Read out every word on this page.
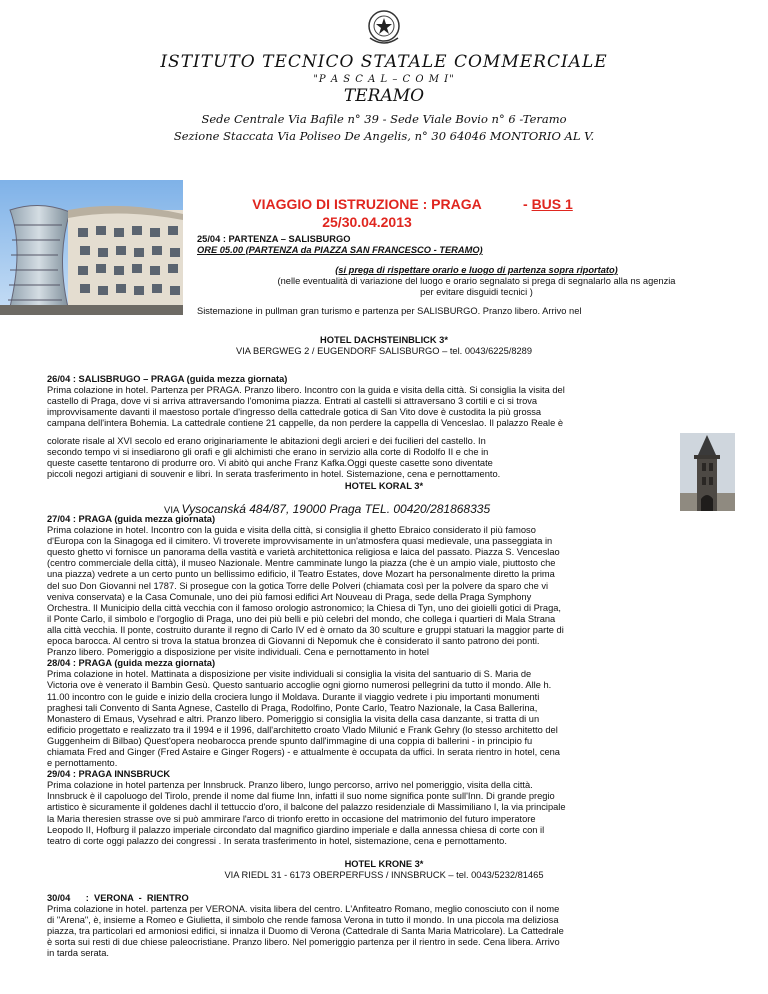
ISTITUTO TECNICO STATALE COMMERCIALE
"P A S C A L – C O M I"
TERAMO
Sede Centrale Via Bafile n° 39 - Sede Viale Bovio n° 6 -Teramo
Sezione Staccata Via Poliseo De Angelis, n° 30 64046 MONTORIO AL V.
VIAGGIO DI ISTRUZIONE : PRAGA
25/30.04.2013
- BUS 1
25/04 : PARTENZA – SALISBURGO
ORE 05.00 (PARTENZA da PIAZZA SAN FRANCESCO - TERAMO)
(si prega di rispettare orario e luogo di partenza sopra riportato)
(nelle eventualità di variazione del luogo e orario segnalato si prega di segnalarlo alla ns agenzia
per evitare disguidi tecnici )
Sistemazione in pullman gran turismo e partenza per SALISBURGO. Pranzo libero. Arrivo nel
HOTEL DACHSTEINBLICK 3*
VIA BERGWEG 2 / EUGENDORF SALISBURGO – tel. 0043/6225/8289
26/04 : SALISBRUGO – PRAGA (guida mezza giornata)
Prima colazione in hotel. Partenza per PRAGA. Pranzo libero. Incontro con la guida e visita della città. Si consiglia la visita del
castello di Praga, dove vi si arriva attraversando l'omonima piazza. Entrati al castelli si attraversano 3 cortili e ci si trova
improvvisamente davanti il maestoso portale d'ingresso della cattedrale gotica di San Vito dove è custodita la più grossa
campana dell'intera Bohemia. La cattedrale contiene 21 cappelle, da non perdere la cappella di Venceslao. Il palazzo Reale è
colorate risale al XVI secolo ed erano originariamente le abitazioni degli arcieri e dei fucilieri del castello. In
secondo tempo vi si insediarono gli orafi e gli alchimisti che erano in servizio alla corte di Rodolfo II e che in
queste casette tentarono di produrre oro. Vi abitò qui anche Franz Kafka.Oggi queste casette sono diventate
piccoli negozi artigiani di souvenir e libri. In serata trasferimento in hotel. Sistemazione, cena e pernottamento.
HOTEL KORAL 3*
VIA Vysocanská 484/87, 19000 Praga TEL. 00420/281868335
27/04 : PRAGA (guida mezza giornata)
Prima colazione in hotel. Incontro con la guida e visita della città, si consiglia il ghetto Ebraico considerato il più famoso
d'Europa con la Sinagoga ed il cimitero. Vi troverete improvvisamente in un'atmosfera quasi medievale, una passeggiata in
questo ghetto vi fornisce un panorama della vastità e varietà architettonica religiosa e laica del passato. Piazza S. Venceslao
(centro commerciale della città), il museo Nazionale. Mentre camminate lungo la piazza (che è un ampio viale, piuttosto che
una piazza) vedrete a un certo punto un bellissimo edificio, il Teatro Estates, dove Mozart ha personalmente diretto la prima
del suo Don Giovanni nel 1787. Si prosegue con la gotica Torre delle Polveri (chiamata così per la polvere da sparo che vi
veniva conservata) e la Casa Comunale, uno dei più famosi edifici Art Nouveau di Praga, sede della Praga Symphony
Orchestra. Il Municipio della città vecchia con il famoso orologio astronomico; la Chiesa di Tyn, uno dei gioielli gotici di Praga,
il Ponte Carlo, il simbolo e l'orgoglio di Praga, uno dei più belli e più celebri del mondo, che collega i quartieri di Mala Strana
alla città vecchia. Il ponte, costruito durante il regno di Carlo IV ed è ornato da 30 sculture e gruppi statuari la maggior parte di
epoca barocca. Al centro si trova la statua bronzea di Giovanni di Nepomuk che è considerato il santo patrono dei ponti.
Pranzo libero. Pomeriggio a disposizione per visite individuali. Cena e pernottamento in hotel
28/04 : PRAGA (guida mezza giornata)
Prima colazione in hotel. Mattinata a disposizione per visite individuali si consiglia la visita del santuario di S. Maria de
Victoria ove è venerato il Bambin Gesù. Questo santuario accoglie ogni giorno numerosi pellegrini da tutto il mondo. Alle h.
11.00 incontro con le guide e inizio della crociera lungo il Moldava. Durante il viaggio vedrete i piu importanti monumenti
praghesi tali Convento di Santa Agnese, Castello di Praga, Rodolfino, Ponte Carlo, Teatro Nazionale, la Casa Ballerina,
Monastero di Emaus, Vysehrad e altri. Pranzo libero. Pomeriggio si consiglia la visita della casa danzante, si tratta di un
edificio progettato e realizzato tra il 1994 e il 1996, dall'architetto croato Vlado Milunić e Frank Gehry (lo stesso architetto del
Guggenheim di Bilbao) Quest'opera neobarocca prende spunto dall'immagine di una coppia di ballerini - in principio fu
chiamata Fred and Ginger (Fred Astaire e Ginger Rogers) - e attualmente è occupata da uffici. In serata rientro in hotel, cena
e pernottamento.
29/04 : PRAGA INNSBRUCK
Prima colazione in hotel partenza per Innsbruck. Pranzo libero, lungo percorso, arrivo nel pomeriggio, visita della città.
Innsbruck è il capoluogo del Tirolo, prende il nome dal fiume Inn, infatti il suo nome significa ponte sull'Inn. Di grande pregio
artistico è sicuramente il goldenes dachl il tettuccio d'oro, il balcone del palazzo residenziale di Massimiliano I, la via principale
la Maria theresien strasse ove si può ammirare l'arco di trionfo eretto in occasione del matrimonio del futuro imperatore
Leopodo II, Hofburg il palazzo imperiale circondato dal magnifico giardino imperiale e dalla annessa chiesa di corte con il
teatro di corte oggi palazzo dei congressi . In serata trasferimento in hotel, sistemazione, cena e pernottamento.
HOTEL KRONE 3*
VIA RIEDL 31 - 6173 OBERPERFUSS / INNSBRUCK – tel. 0043/5232/81465
30/04      :  VERONA  -  RIENTRO
Prima colazione in hotel. partenza per VERONA. visita libera del centro. L'Anfiteatro Romano, meglio conosciuto con il nome
di "Arena", è, insieme a Romeo e Giulietta, il simbolo che rende famosa Verona in tutto il mondo. In una piccola ma deliziosa
piazza, tra particolari ed armoniosi edifici, si innalza il Duomo di Verona (Cattedrale di Santa Maria Matricolare). La Cattedrale
è sorta sui resti di due chiese paleocristiane. Pranzo libero. Nel pomeriggio partenza per il rientro in sede. Cena libera. Arrivo
in tarda serata.
